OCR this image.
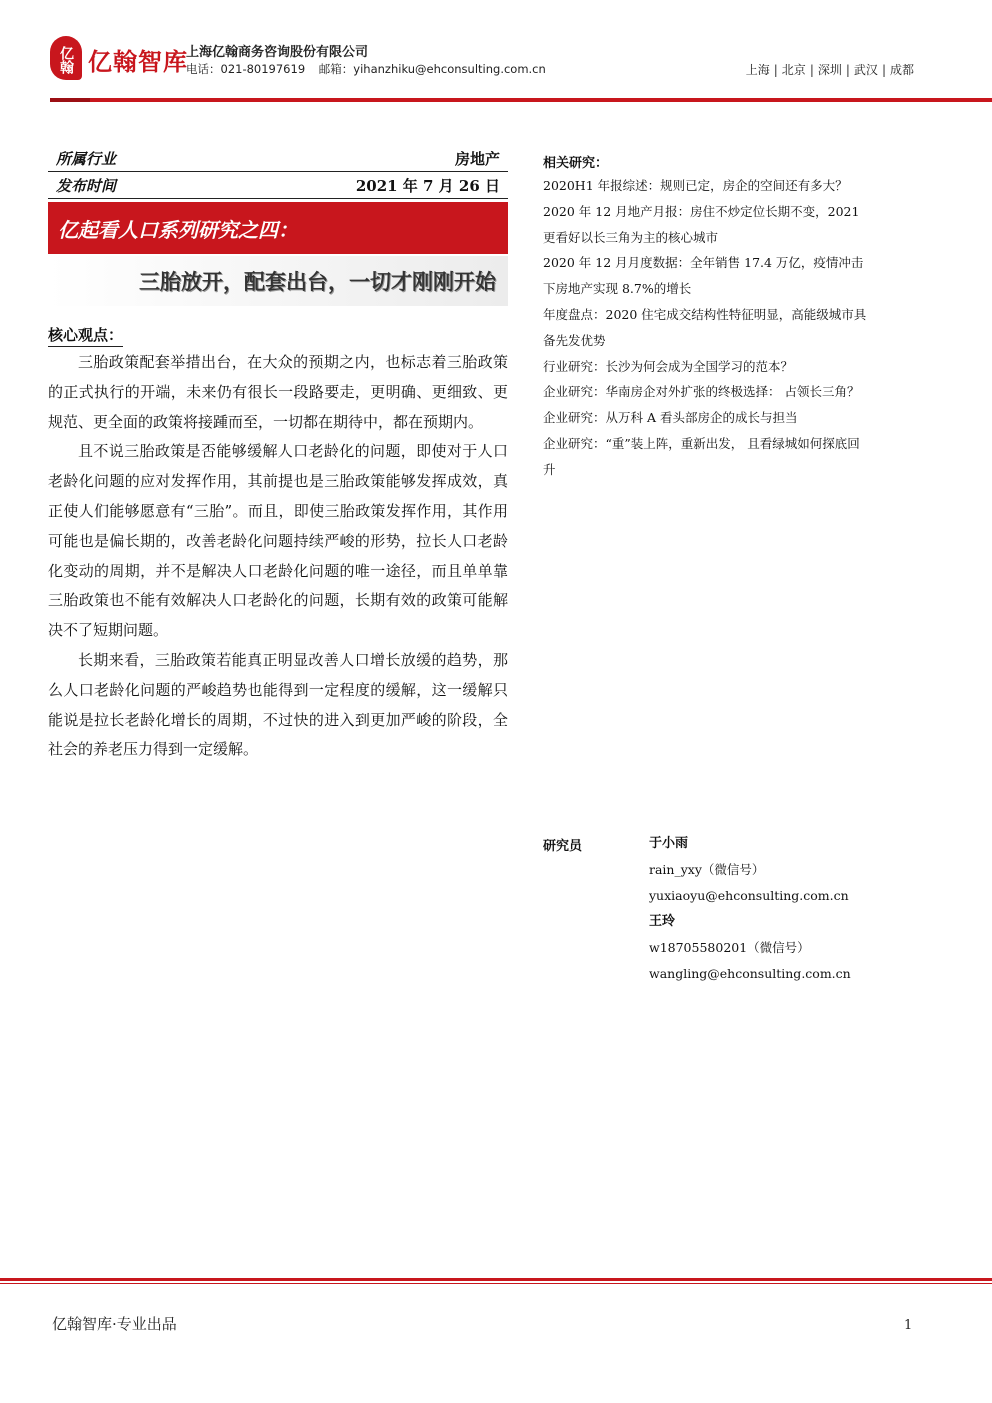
亿翰 亿翰智库
上海亿翰商务咨询股份有限公司
电话：021-80197619 邮箱：yihanzhiku@ehconsulting.com.cn	上海 | 北京 | 深圳 | 武汉 | 成都
所属行业	房地产
发布时间	2021 年 7 月 26 日
亿起看人口系列研究之四：
三胎放开，配套出台，一切才刚刚开始
核心观点：

三胎政策配套举措出台，在大众的预期之内，也标志着三胎政策的正式执行的开端，未来仍有很长一段路要走，更明确、更细致、更规范、更全面的政策将接踵而至，一切都在期待中，都在预期内。

且不说三胎政策是否能够缓解人口老龄化的问题，即使对于人口老龄化问题的应对发挥作用，其前提也是三胎政策能够发挥成效，真正使人们能够愿意有“三胎”。而且，即使三胎政策发挥作用，其作用可能也是偏长期的，改善老龄化问题持续严峻的形势，拉长人口老龄化变动的周期，并不是解决人口老龄化问题的唯一途径，而且单单靠三胎政策也不能有效解决人口老龄化的问题，长期有效的政策可能解决不了短期问题。

长期来看，三胎政策若能真正明显改善人口增长放缓的趋势，那么人口老龄化问题的严峻趋势也能得到一定程度的缓解，这一缓解只能说是拉长老龄化增长的周期，不过快的进入到更加严峻的阶段，全社会的养老压力得到一定缓解。

相关研究：
2020H1 年报综述：规则已定，房企的空间还有多大？
2020 年 12 月地产月报：房住不炒定位长期不变，2021 更看好以长三角为主的核心城市
2020 年 12 月月度数据：全年销售 17.4 万亿，疫情冲击下房地产实现 8.7%的增长
年度盘点：2020 住宅成交结构性特征明显，高能级城市具备先发优势
行业研究：长沙为何会成为全国学习的范本？
企业研究：华南房企对外扩张的终极选择： 占领长三角？
企业研究：从万科 A 看头部房企的成长与担当
企业研究：“重”装上阵，重新出发， 且看绿城如何探底回升
研究员	于小雨
rain_yxy（微信号）
yuxiaoyu@ehconsulting.com.cn
王玲
w18705580201（微信号）
wangling@ehconsulting.com.cn
亿翰智库·专业出品	1
